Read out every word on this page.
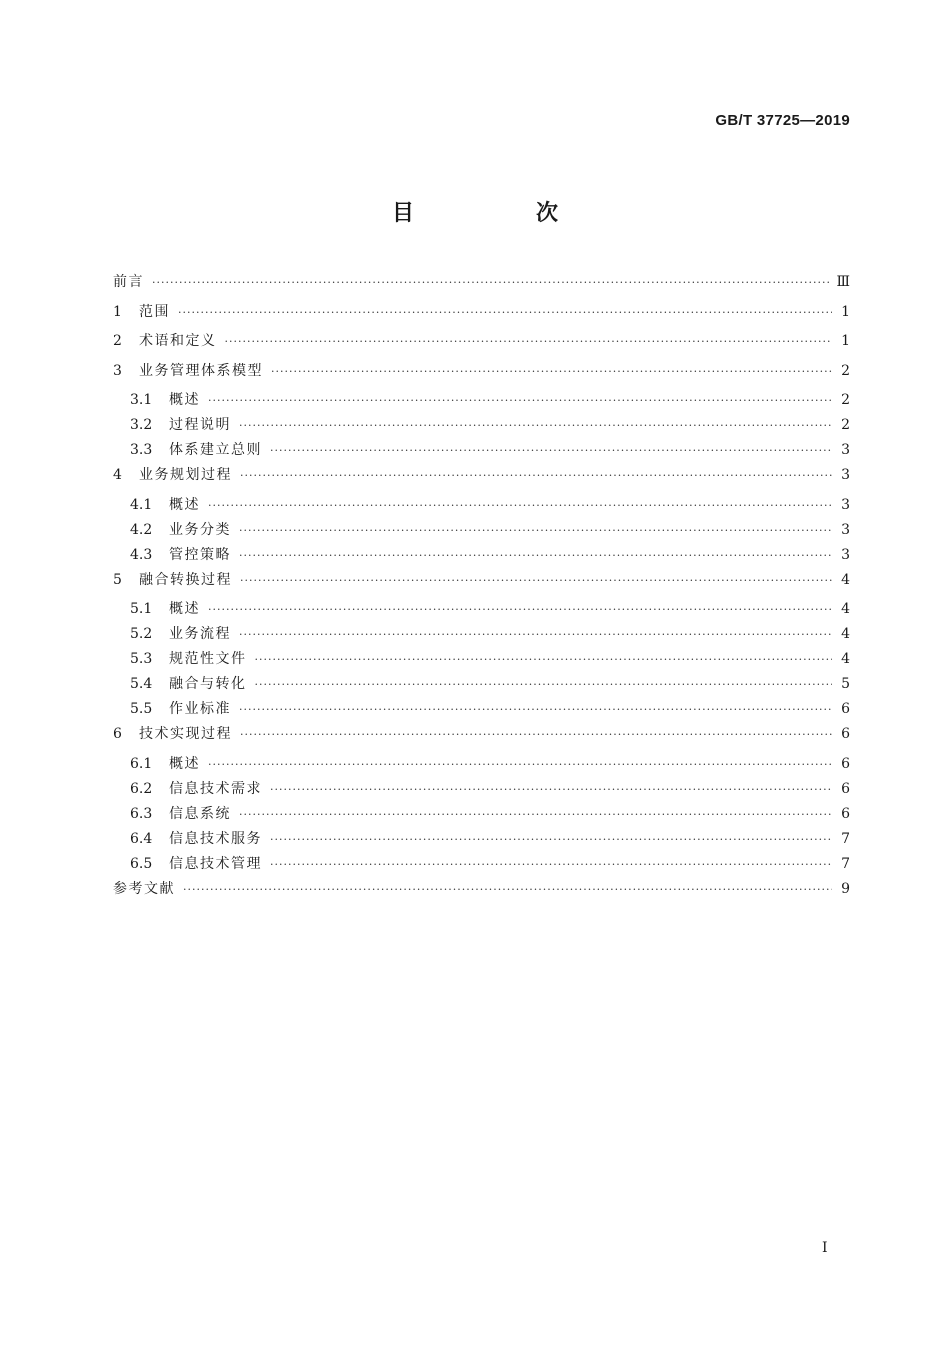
GB/T 37725—2019
目　次
前言 ·····	Ⅲ
1	范围 ·····	1
2	术语和定义 ·····	1
3	业务管理体系模型 ·····	2
3.1	概述 ·····	2
3.2	过程说明 ·····	2
3.3	体系建立总则 ·····	3
4	业务规划过程 ·····	3
4.1	概述 ·····	3
4.2	业务分类 ·····	3
4.3	管控策略 ·····	3
5	融合转换过程 ·····	4
5.1	概述 ·····	4
5.2	业务流程 ·····	4
5.3	规范性文件 ·····	4
5.4	融合与转化 ·····	5
5.5	作业标准 ·····	6
6	技术实现过程 ·····	6
6.1	概述 ·····	6
6.2	信息技术需求 ·····	6
6.3	信息系统 ·····	6
6.4	信息技术服务 ·····	7
6.5	信息技术管理 ·····	7
参考文献 ·····	9
I
